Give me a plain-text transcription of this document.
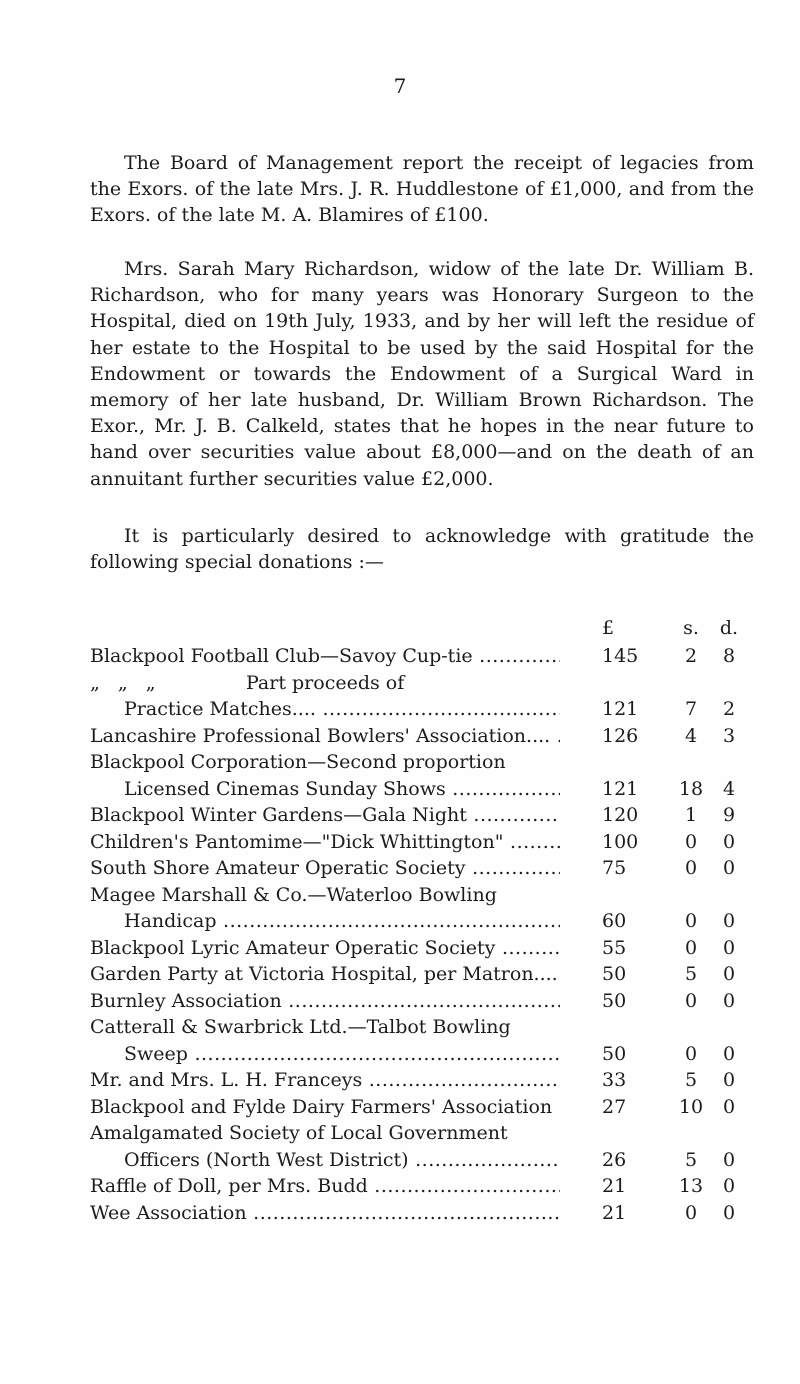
7

The Board of Management report the receipt of legacies from the Exors. of the late Mrs. J. R. Huddlestone of £1,000, and from the Exors. of the late M. A. Blamires of £100.

Mrs. Sarah Mary Richardson, widow of the late Dr. William B. Richardson, who for many years was Honorary Surgeon to the Hospital, died on 19th July, 1933, and by her will left the residue of her estate to the Hospital to be used by the said Hospital for the Endowment or towards the Endowment of a Surgical Ward in memory of her late husband, Dr. William Brown Richardson. The Exor., Mr. J. B. Calkeld, states that he hopes in the near future to hand over securities value about £8,000—and on the death of an annuitant further securities value £2,000.

It is particularly desired to acknowledge with gratitude the following special donations :—

£	s.	d.
Blackpool Football Club—Savoy Cup-tie .....	145	2	8
„ „ „	Part proceeds of
Practice Matches.... .....	121	7	2
Lancashire Professional Bowlers' Association.... .....	126	4	3
Blackpool Corporation—Second proportion
Licensed Cinemas Sunday Shows .....	121	18	4
Blackpool Winter Gardens—Gala Night .....	120	1	9
Children's Pantomime—"Dick Whittington" .....	100	0	0
South Shore Amateur Operatic Society .....	75	0	0
Magee Marshall & Co.—Waterloo Bowling
Handicap .....	60	0	0
Blackpool Lyric Amateur Operatic Society .....	55	0	0
Garden Party at Victoria Hospital, per Matron.... ..... 50	5	0
Burnley Association .....	50	0	0
Catterall & Swarbrick Ltd.—Talbot Bowling
Sweep .....	50	0	0
Mr. and Mrs. L. H. Franceys .....	33	5	0
Blackpool and Fylde Dairy Farmers' Association .....	27	10	0
Amalgamated Society of Local Government
Officers (North West District) .....	26	5	0
Raffle of Doll, per Mrs. Budd .....	21	13	0
Wee Association .....	21	0	0
